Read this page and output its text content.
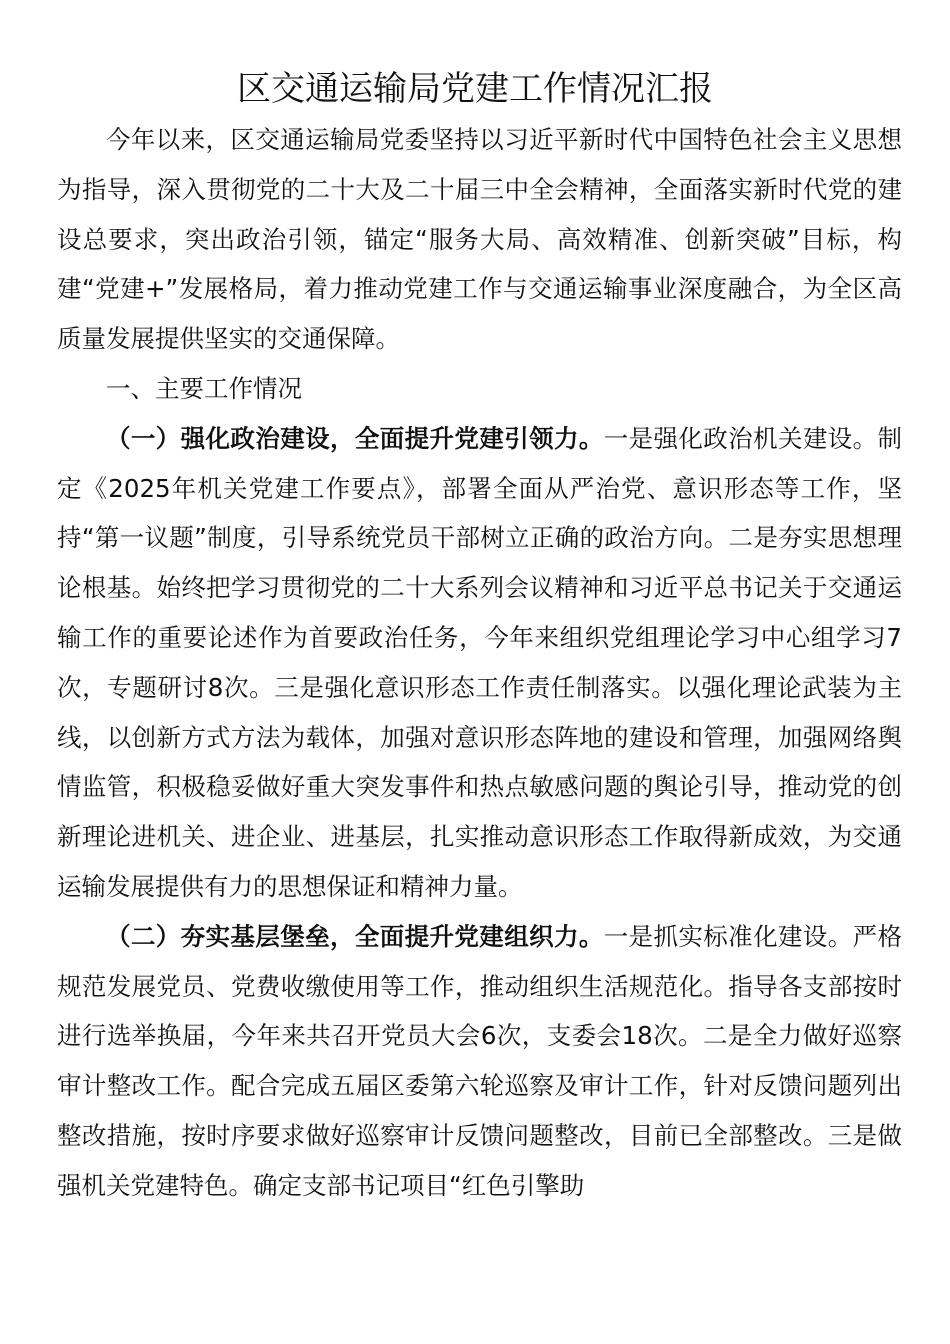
区交通运输局党建工作情况汇报

今年以来，区交通运输局党委坚持以习近平新时代中国特色社会主义思想为指导，深入贯彻党的二十大及二十届三中全会精神，全面落实新时代党的建设总要求，突出政治引领，锚定“服务大局、高效精准、创新突破”目标，构建“党建+”发展格局，着力推动党建工作与交通运输事业深度融合，为全区高质量发展提供坚实的交通保障。

一、主要工作情况

（一）强化政治建设，全面提升党建引领力。一是强化政治机关建设。制定《2025年机关党建工作要点》，部署全面从严治党、意识形态等工作，坚持“第一议题”制度，引导系统党员干部树立正确的政治方向。二是夯实思想理论根基。始终把学习贯彻党的二十大系列会议精神和习近平总书记关于交通运输工作的重要论述作为首要政治任务，今年来组织党组理论学习中心组学习7次，专题研讨8次。三是强化意识形态工作责任制落实。以强化理论武装为主线，以创新方式方法为载体，加强对意识形态阵地的建设和管理，加强网络舆情监管，积极稳妥做好重大突发事件和热点敏感问题的舆论引导，推动党的创新理论进机关、进企业、进基层，扎实推动意识形态工作取得新成效，为交通运输发展提供有力的思想保证和精神力量。

（二）夯实基层堡垒，全面提升党建组织力。一是抓实标准化建设。严格规范发展党员、党费收缴使用等工作，推动组织生活规范化。指导各支部按时进行选举换届，今年来共召开党员大会6次，支委会18次。二是全力做好巡察审计整改工作。配合完成五届区委第六轮巡察及审计工作，针对反馈问题列出整改措施，按时序要求做好巡察审计反馈问题整改，目前已全部整改。三是做强机关党建特色。确定支部书记项目“红色引擎助
